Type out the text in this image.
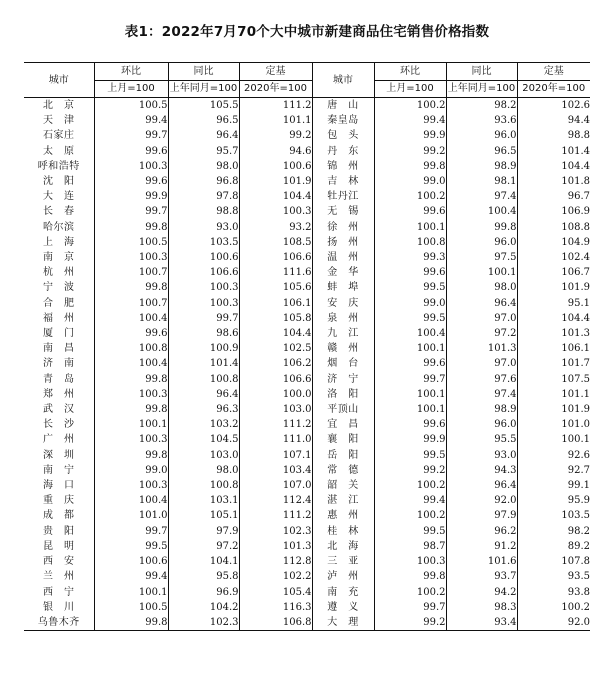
表1：2022年7月70个大中城市新建商品住宅销售价格指数
城市	环比	同比	定基	城市	环比	同比	定基
	上月=100	上年同月=100	2020年=100		上月=100	上年同月=100	2020年=100
北　京	100.5	105.5	111.2	唐　山	100.2	98.2	102.6
天　津	99.4	96.5	101.1	秦皇岛	99.4	93.6	94.4
石家庄	99.7	96.4	99.2	包　头	99.9	96.0	98.8
太　原	99.6	95.7	94.6	丹　东	99.2	96.5	101.4
呼和浩特	100.3	98.0	100.6	锦　州	99.8	98.9	104.4
沈　阳	99.6	96.8	101.9	吉　林	99.0	98.1	101.8
大　连	99.9	97.8	104.4	牡丹江	100.2	97.4	96.7
长　春	99.7	98.8	100.3	无　锡	99.6	100.4	106.9
哈尔滨	99.8	93.0	93.2	徐　州	100.1	99.8	108.8
上　海	100.5	103.5	108.5	扬　州	100.8	96.0	104.9
南　京	100.3	100.6	106.6	温　州	99.3	97.5	102.4
杭　州	100.7	106.6	111.6	金　华	99.6	100.1	106.7
宁　波	99.8	100.3	105.6	蚌　埠	99.5	98.0	101.9
合　肥	100.7	100.3	106.1	安　庆	99.0	96.4	95.1
福　州	100.4	99.7	105.8	泉　州	99.5	97.0	104.4
厦　门	99.6	98.6	104.4	九　江	100.4	97.2	101.3
南　昌	100.8	100.9	102.5	赣　州	100.1	101.3	106.1
济　南	100.4	101.4	106.2	烟　台	99.6	97.0	101.7
青　岛	99.8	100.8	106.6	济　宁	99.7	97.6	107.5
郑　州	100.3	96.4	100.0	洛　阳	100.1	97.4	101.1
武　汉	99.8	96.3	103.0	平顶山	100.1	98.9	101.9
长　沙	100.1	103.2	111.2	宜　昌	99.6	96.0	101.0
广　州	100.3	104.5	111.0	襄　阳	99.9	95.5	100.1
深　圳	99.8	103.0	107.1	岳　阳	99.5	93.0	92.6
南　宁	99.0	98.0	103.4	常　德	99.2	94.3	92.7
海　口	100.3	100.8	107.0	韶　关	100.2	96.4	99.1
重　庆	100.4	103.1	112.4	湛　江	99.4	92.0	95.9
成　都	101.0	105.1	111.2	惠　州	100.2	97.9	103.5
贵　阳	99.7	97.9	102.3	桂　林	99.5	96.2	98.2
昆　明	99.5	97.2	101.3	北　海	98.7	91.2	89.2
西　安	100.6	104.1	112.8	三　亚	100.3	101.6	107.8
兰　州	99.4	95.8	102.2	泸　州	99.8	93.7	93.5
西　宁	100.1	96.9	105.4	南　充	100.2	94.2	93.8
银　川	100.5	104.2	116.3	遵　义	99.7	98.3	100.2
乌鲁木齐	99.8	102.3	106.8	大　理	99.2	93.4	92.0
